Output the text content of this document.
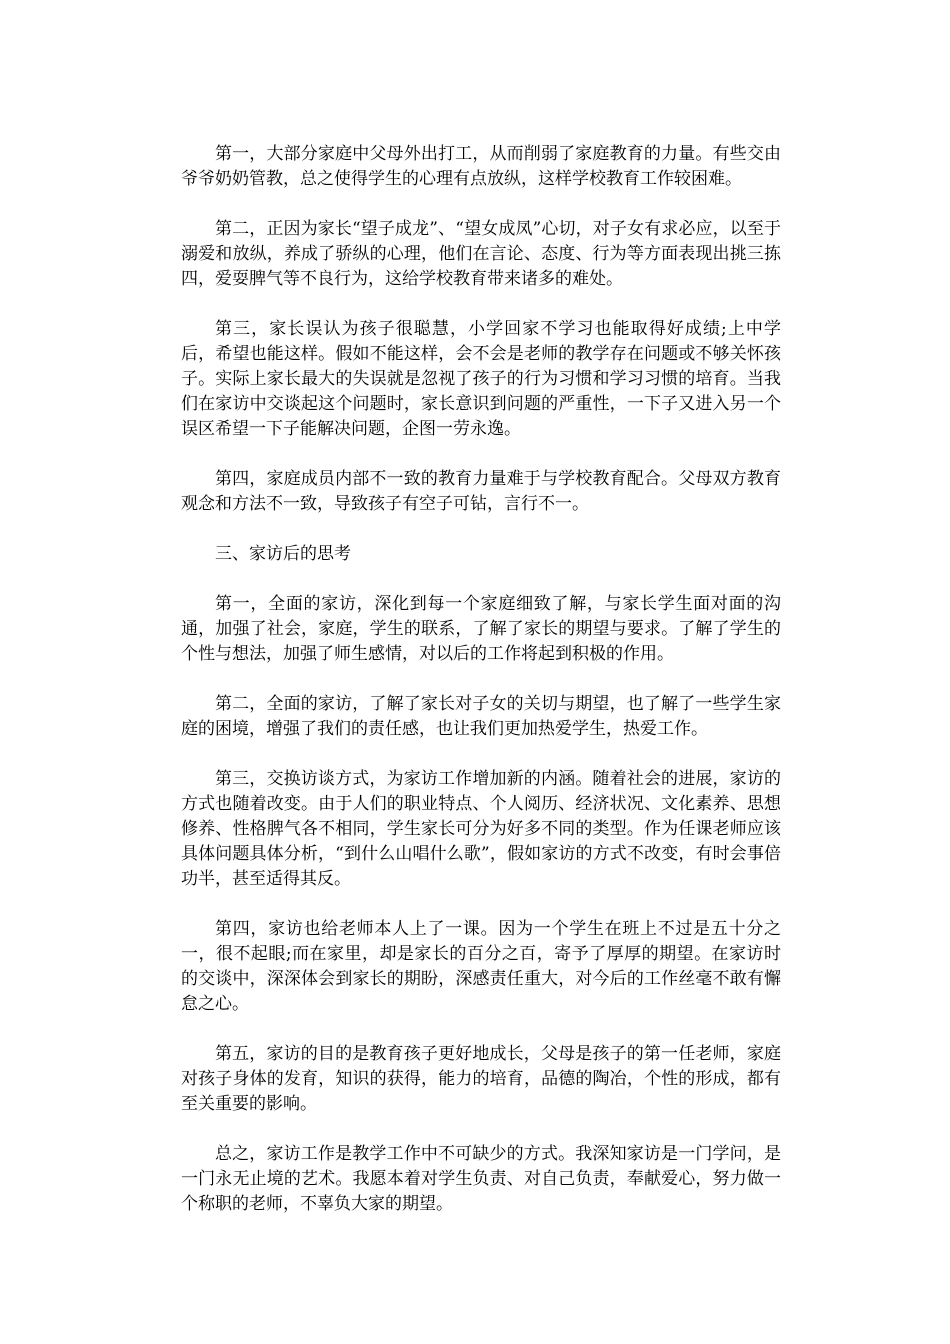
第一，大部分家庭中父母外出打工，从而削弱了家庭教育的力量。有些交由爷爷奶奶管教，总之使得学生的心理有点放纵，这样学校教育工作较困难。

第二，正因为家长“望子成龙”、“望女成凤”心切，对子女有求必应，以至于溺爱和放纵，养成了骄纵的心理，他们在言论、态度、行为等方面表现出挑三拣四，爱耍脾气等不良行为，这给学校教育带来诸多的难处。

第三，家长误认为孩子很聪慧，小学回家不学习也能取得好成绩;上中学后，希望也能这样。假如不能这样，会不会是老师的教学存在问题或不够关怀孩子。实际上家长最大的失误就是忽视了孩子的行为习惯和学习习惯的培育。当我们在家访中交谈起这个问题时，家长意识到问题的严重性，一下子又进入另一个误区希望一下子能解决问题，企图一劳永逸。

第四，家庭成员内部不一致的教育力量难于与学校教育配合。父母双方教育观念和方法不一致，导致孩子有空子可钻，言行不一。

三、家访后的思考

第一，全面的家访，深化到每一个家庭细致了解，与家长学生面对面的沟通，加强了社会，家庭，学生的联系，了解了家长的期望与要求。了解了学生的个性与想法，加强了师生感情，对以后的工作将起到积极的作用。

第二，全面的家访，了解了家长对子女的关切与期望，也了解了一些学生家庭的困境，增强了我们的责任感，也让我们更加热爱学生，热爱工作。

第三，交换访谈方式，为家访工作增加新的内涵。随着社会的进展，家访的方式也随着改变。由于人们的职业特点、个人阅历、经济状况、文化素养、思想修养、性格脾气各不相同，学生家长可分为好多不同的类型。作为任课老师应该具体问题具体分析，“到什么山唱什么歌”，假如家访的方式不改变，有时会事倍功半，甚至适得其反。

第四，家访也给老师本人上了一课。因为一个学生在班上不过是五十分之一，很不起眼;而在家里，却是家长的百分之百，寄予了厚厚的期望。在家访时的交谈中，深深体会到家长的期盼，深感责任重大，对今后的工作丝毫不敢有懈怠之心。

第五，家访的目的是教育孩子更好地成长，父母是孩子的第一任老师，家庭对孩子身体的发育，知识的获得，能力的培育，品德的陶冶，个性的形成，都有至关重要的影响。

总之，家访工作是教学工作中不可缺少的方式。我深知家访是一门学问，是一门永无止境的艺术。我愿本着对学生负责、对自己负责，奉献爱心，努力做一个称职的老师，不辜负大家的期望。
